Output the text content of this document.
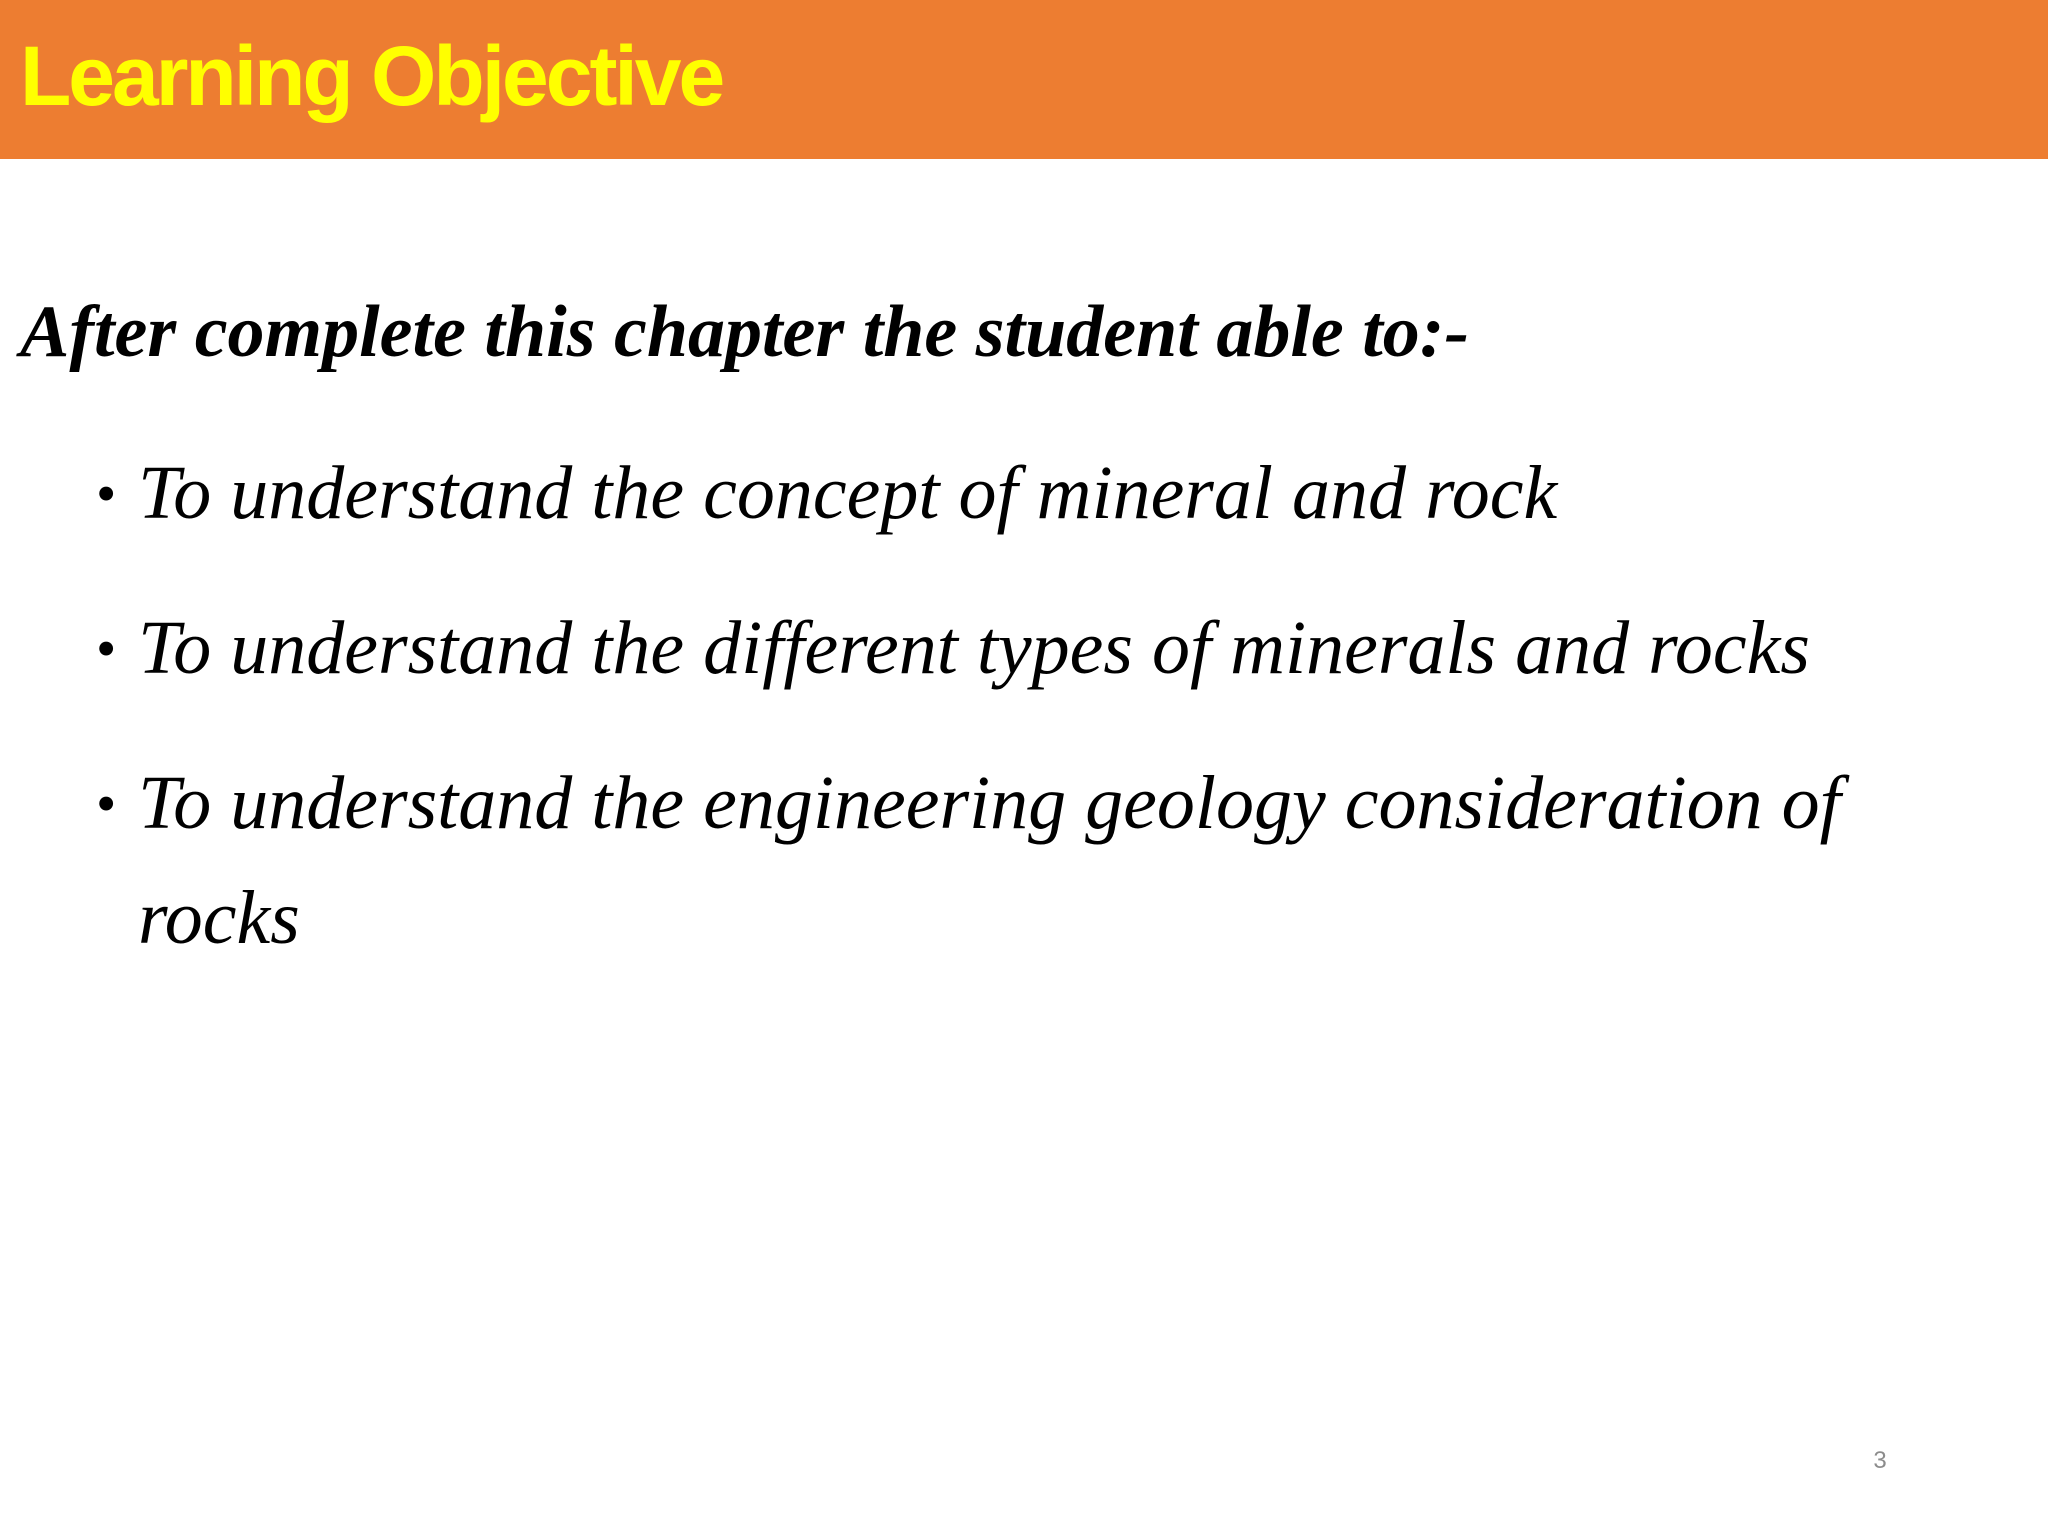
Learning Objective

After complete this chapter the student able to:-

• To understand the concept of mineral and rock
• To understand the different types of minerals and rocks
• To understand the engineering geology consideration of rocks
3
